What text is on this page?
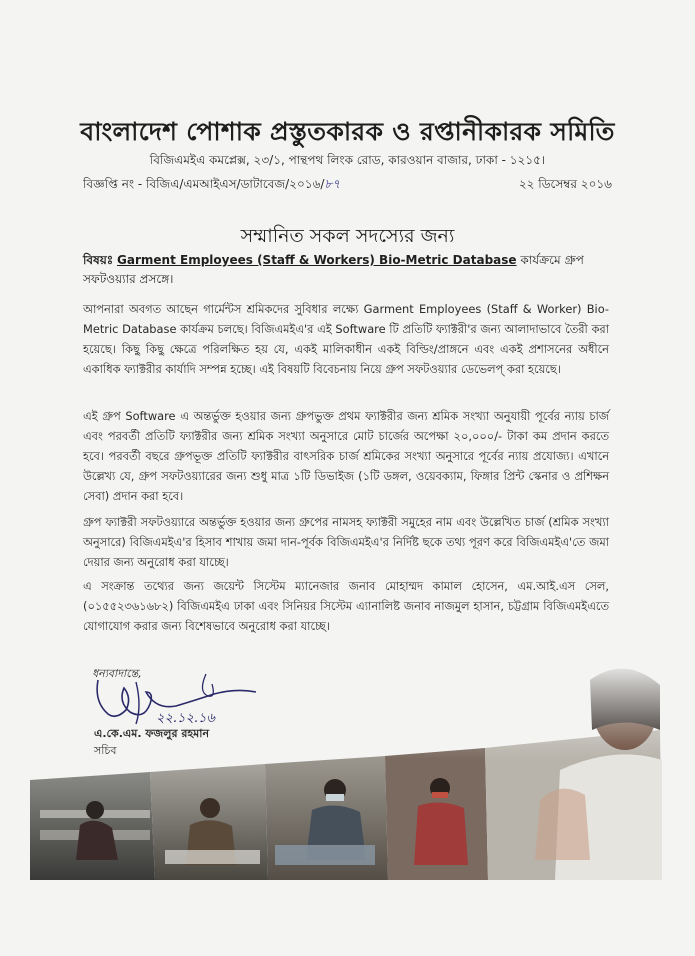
বাংলাদেশ পোশাক প্রস্তুতকারক ও রপ্তানীকারক সমিতি
বিজিএমইএ কমপ্লেক্স, ২৩/১, পান্থপথ লিংক রোড, কারওয়ান বাজার, ঢাকা - ১২১৫।
বিজ্ঞপ্তি নং - বিজিএ/এমআইএস/ডাটাবেজ/২০১৬/৮৭	২২ ডিসেম্বর ২০১৬
সম্মানিত সকল সদস্যের জন্য
বিষয়ঃ Garment Employees (Staff & Workers) Bio-Metric Database কার্যক্রমে গ্রুপ সফটওয়্যার প্রসঙ্গে।
আপনারা অবগত আছেন গার্মেন্টস শ্রমিকদের সুবিধার লক্ষ্যে Garment Employees (Staff & Worker) Bio-Metric Database কার্যক্রম চলছে। বিজিএমইএ'র এই Software টি প্রতিটি ফ্যাক্টরী'র জন্য আলাদাভাবে তৈরী করা হয়েছে। কিছু কিছু ক্ষেত্রে পরিলক্ষিত হয় যে, একই মালিকাধীন একই বিল্ডিং/প্রাঙ্গনে এবং একই প্রশাসনের অধীনে একাধিক ফ্যাক্টরীর কার্যাদি সম্পন্ন হচ্ছে। এই বিষয়টি বিবেচনায় নিয়ে গ্রুপ সফটওয়্যার ডেভেলপ্ করা হয়েছে।
এই গ্রুপ Software এ অন্তর্ভুক্ত হওয়ার জন্য গ্রুপভুক্ত প্রথম ফ্যাক্টরীর জন্য শ্রমিক সংখ্যা অনুযায়ী পূর্বের ন্যায় চার্জ এবং পরবর্তী প্রতিটি ফ্যাক্টরীর জন্য শ্রমিক সংখ্যা অনুসারে মোট চার্জের অপেক্ষা ২০,০০০/- টাকা কম প্রদান করতে হবে। পরবর্তী বছরে গ্রুপভূক্ত প্রতিটি ফ্যাক্টরীর বাৎসরিক চার্জ শ্রমিকের সংখ্যা অনুসারে পূর্বের ন্যায় প্রযোজ্য। এখানে উল্লেখ্য যে, গ্রুপ সফটওয়্যারের জন্য শুধু মাত্র ১টি ডিভাইজ (১টি ডঙ্গল, ওয়েবক্যাম, ফিঙ্গার প্রিন্ট স্কেনার ও প্রশিক্ষন সেবা) প্রদান করা হবে।
গ্রুপ ফ্যাক্টরী সফটওয়্যারে অন্তর্ভুক্ত হওয়ার জন্য গ্রুপের নামসহ ফ্যাক্টরী সমুহের নাম এবং উল্লেখিত চার্জ (শ্রমিক সংখ্যা অনুসারে) বিজিএমইএ'র হিসাব শাখায় জমা দান-পূর্বক বিজিএমইএ'র নির্দিষ্ট ছকে তথ্য পূরণ করে বিজিএমইএ'তে জমা দেয়ার জন্য অনুরোধ করা যাচ্ছে।
এ সংক্রান্ত তথ্যের জন্য জয়েন্ট সিস্টেম ম্যানেজার জনাব মোহাম্মদ কামাল হোসেন, এম.আই.এস সেল, (০১৫৫২৩৬১৬৮২) বিজিএমইএ ঢাকা এবং সিনিয়র সিস্টেম এ্যানালিষ্ট জনাব নাজমুল হাসান, চট্টগ্রাম বিজিএমইএতে যোগাযোগ করার জন্য বিশেষভাবে অনুরোধ করা যাচ্ছে।
ধন্যবাদান্তে,
২২.১২.১৬
এ.কে.এম. ফজলুর রহমান
সচিব
